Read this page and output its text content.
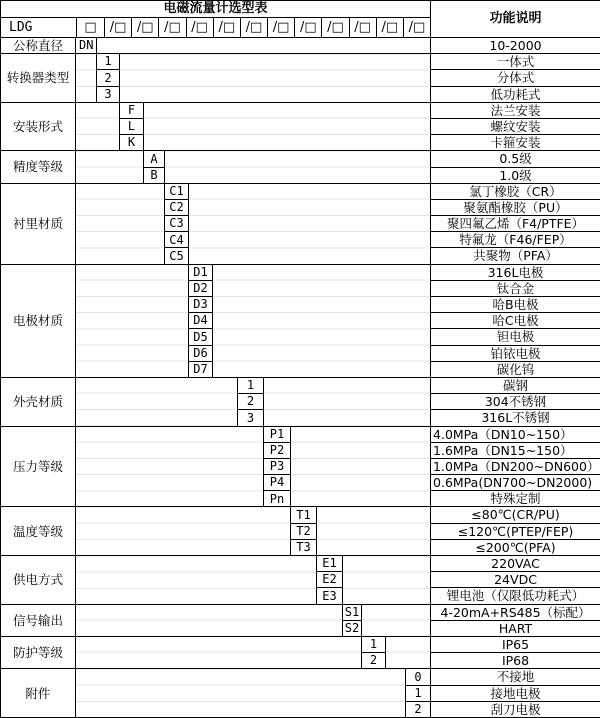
电磁流量计选型表																功能说明

LDG	□	/□ /□ /□ /□ /□ /□ /□ /□ /□ /□ /□ /□

公称直径	DN															10-2000
转换器类型		1														一体式
		2														分体式
		3														低功耗式
安装形式			F													法兰安装
			L													螺纹安装
			K													卡箍安装
精度等级				A												0.5级
				B												1.0级
衬里材质					C1											氯丁橡胶（CR）
					C2											聚氨酯橡胶（PU）
					C3											聚四氟乙烯（F4/PTFE）
					C4											特氟龙（F46/FEP）
					C5											共聚物（PFA）
电极材质						D1										316L电极
						D2										钛合金
						D3										哈B电极
						D4										哈C电极
						D5										钽电极
						D6										铂铱电极
						D7										碳化钨
外壳材质								1								碳钢
								2								304不锈钢
								3								316L不锈钢
压力等级									P1							4.0MPa（DN10~150）
									P2							1.6MPa（DN15~150）
									P3							1.0MPa（DN200~DN600）
									P4							0.6MPa(DN700~DN2000)
									Pn							特殊定制
温度等级										T1						≤80℃(CR/PU)
										T2						≤120℃(PTEP/FEP)
										T3						≤200℃(PFA)
供电方式											E1					220VAC
											E2					24VDC
											E3					锂电池（仅限低功耗式）
信号输出												S1				4-20mA+RS485（标配）
												S2				HART
防护等级													1			IP65
													2			IP68
附件															0	不接地
															1	接地电极
															2	刮刀电极
